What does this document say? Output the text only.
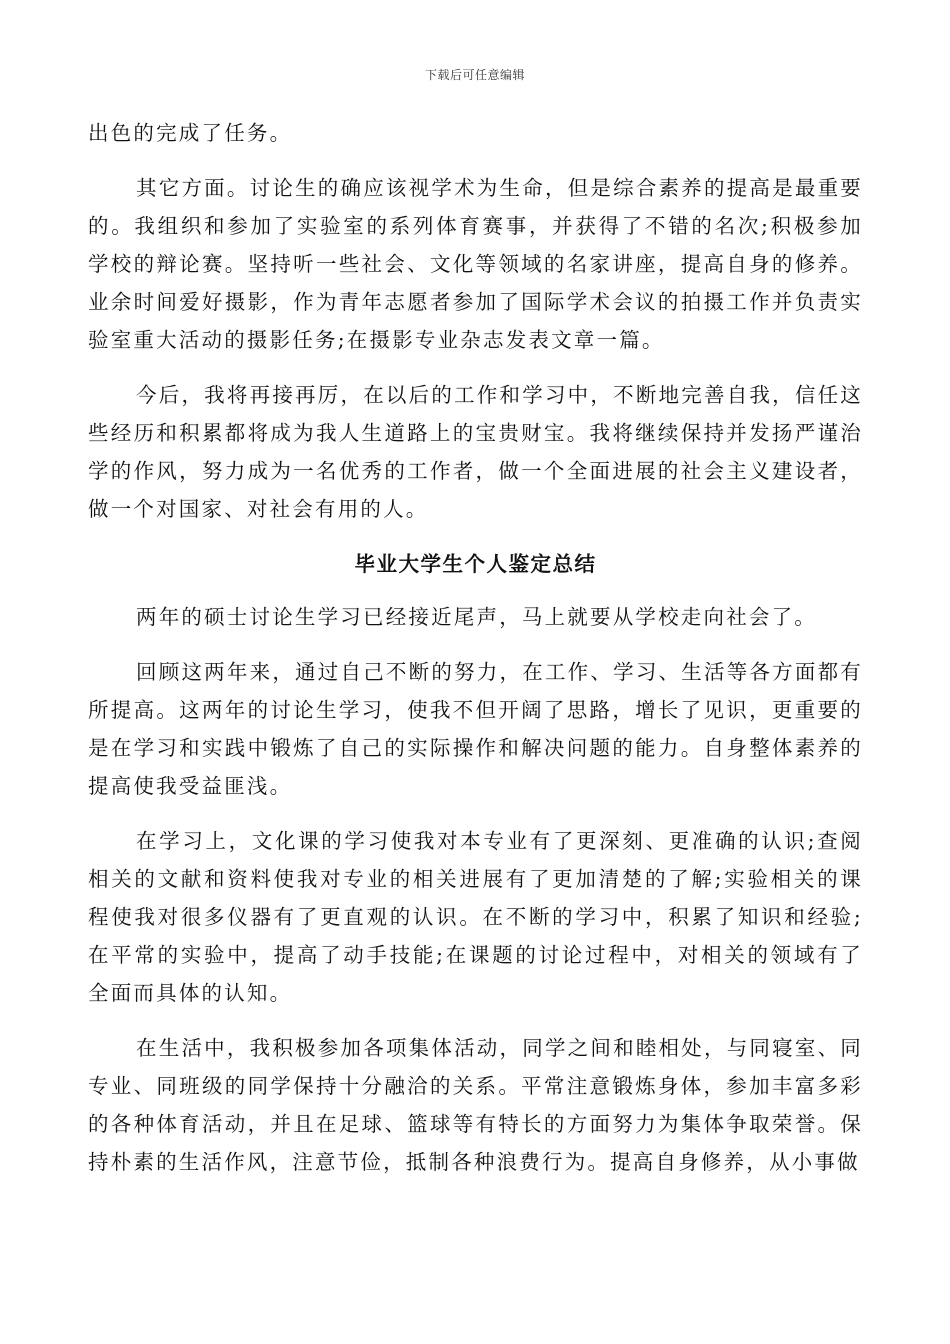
下载后可任意编辑

出色的完成了任务。

其它方面。讨论生的确应该视学术为生命，但是综合素养的提高是最重要的。我组织和参加了实验室的系列体育赛事，并获得了不错的名次;积极参加学校的辩论赛。坚持听一些社会、文化等领域的名家讲座，提高自身的修养。业余时间爱好摄影，作为青年志愿者参加了国际学术会议的拍摄工作并负责实验室重大活动的摄影任务;在摄影专业杂志发表文章一篇。

今后，我将再接再厉，在以后的工作和学习中，不断地完善自我，信任这些经历和积累都将成为我人生道路上的宝贵财宝。我将继续保持并发扬严谨治学的作风，努力成为一名优秀的工作者，做一个全面进展的社会主义建设者，做一个对国家、对社会有用的人。

毕业大学生个人鉴定总结

两年的硕士讨论生学习已经接近尾声，马上就要从学校走向社会了。

回顾这两年来，通过自己不断的努力，在工作、学习、生活等各方面都有所提高。这两年的讨论生学习，使我不但开阔了思路，增长了见识，更重要的是在学习和实践中锻炼了自己的实际操作和解决问题的能力。自身整体素养的提高使我受益匪浅。

在学习上，文化课的学习使我对本专业有了更深刻、更准确的认识;查阅相关的文献和资料使我对专业的相关进展有了更加清楚的了解;实验相关的课程使我对很多仪器有了更直观的认识。在不断的学习中，积累了知识和经验;在平常的实验中，提高了动手技能;在课题的讨论过程中，对相关的领域有了全面而具体的认知。

在生活中，我积极参加各项集体活动，同学之间和睦相处，与同寝室、同专业、同班级的同学保持十分融洽的关系。平常注意锻炼身体，参加丰富多彩的各种体育活动，并且在足球、篮球等有特长的方面努力为集体争取荣誉。保持朴素的生活作风，注意节俭，抵制各种浪费行为。提高自身修养，从小事做
